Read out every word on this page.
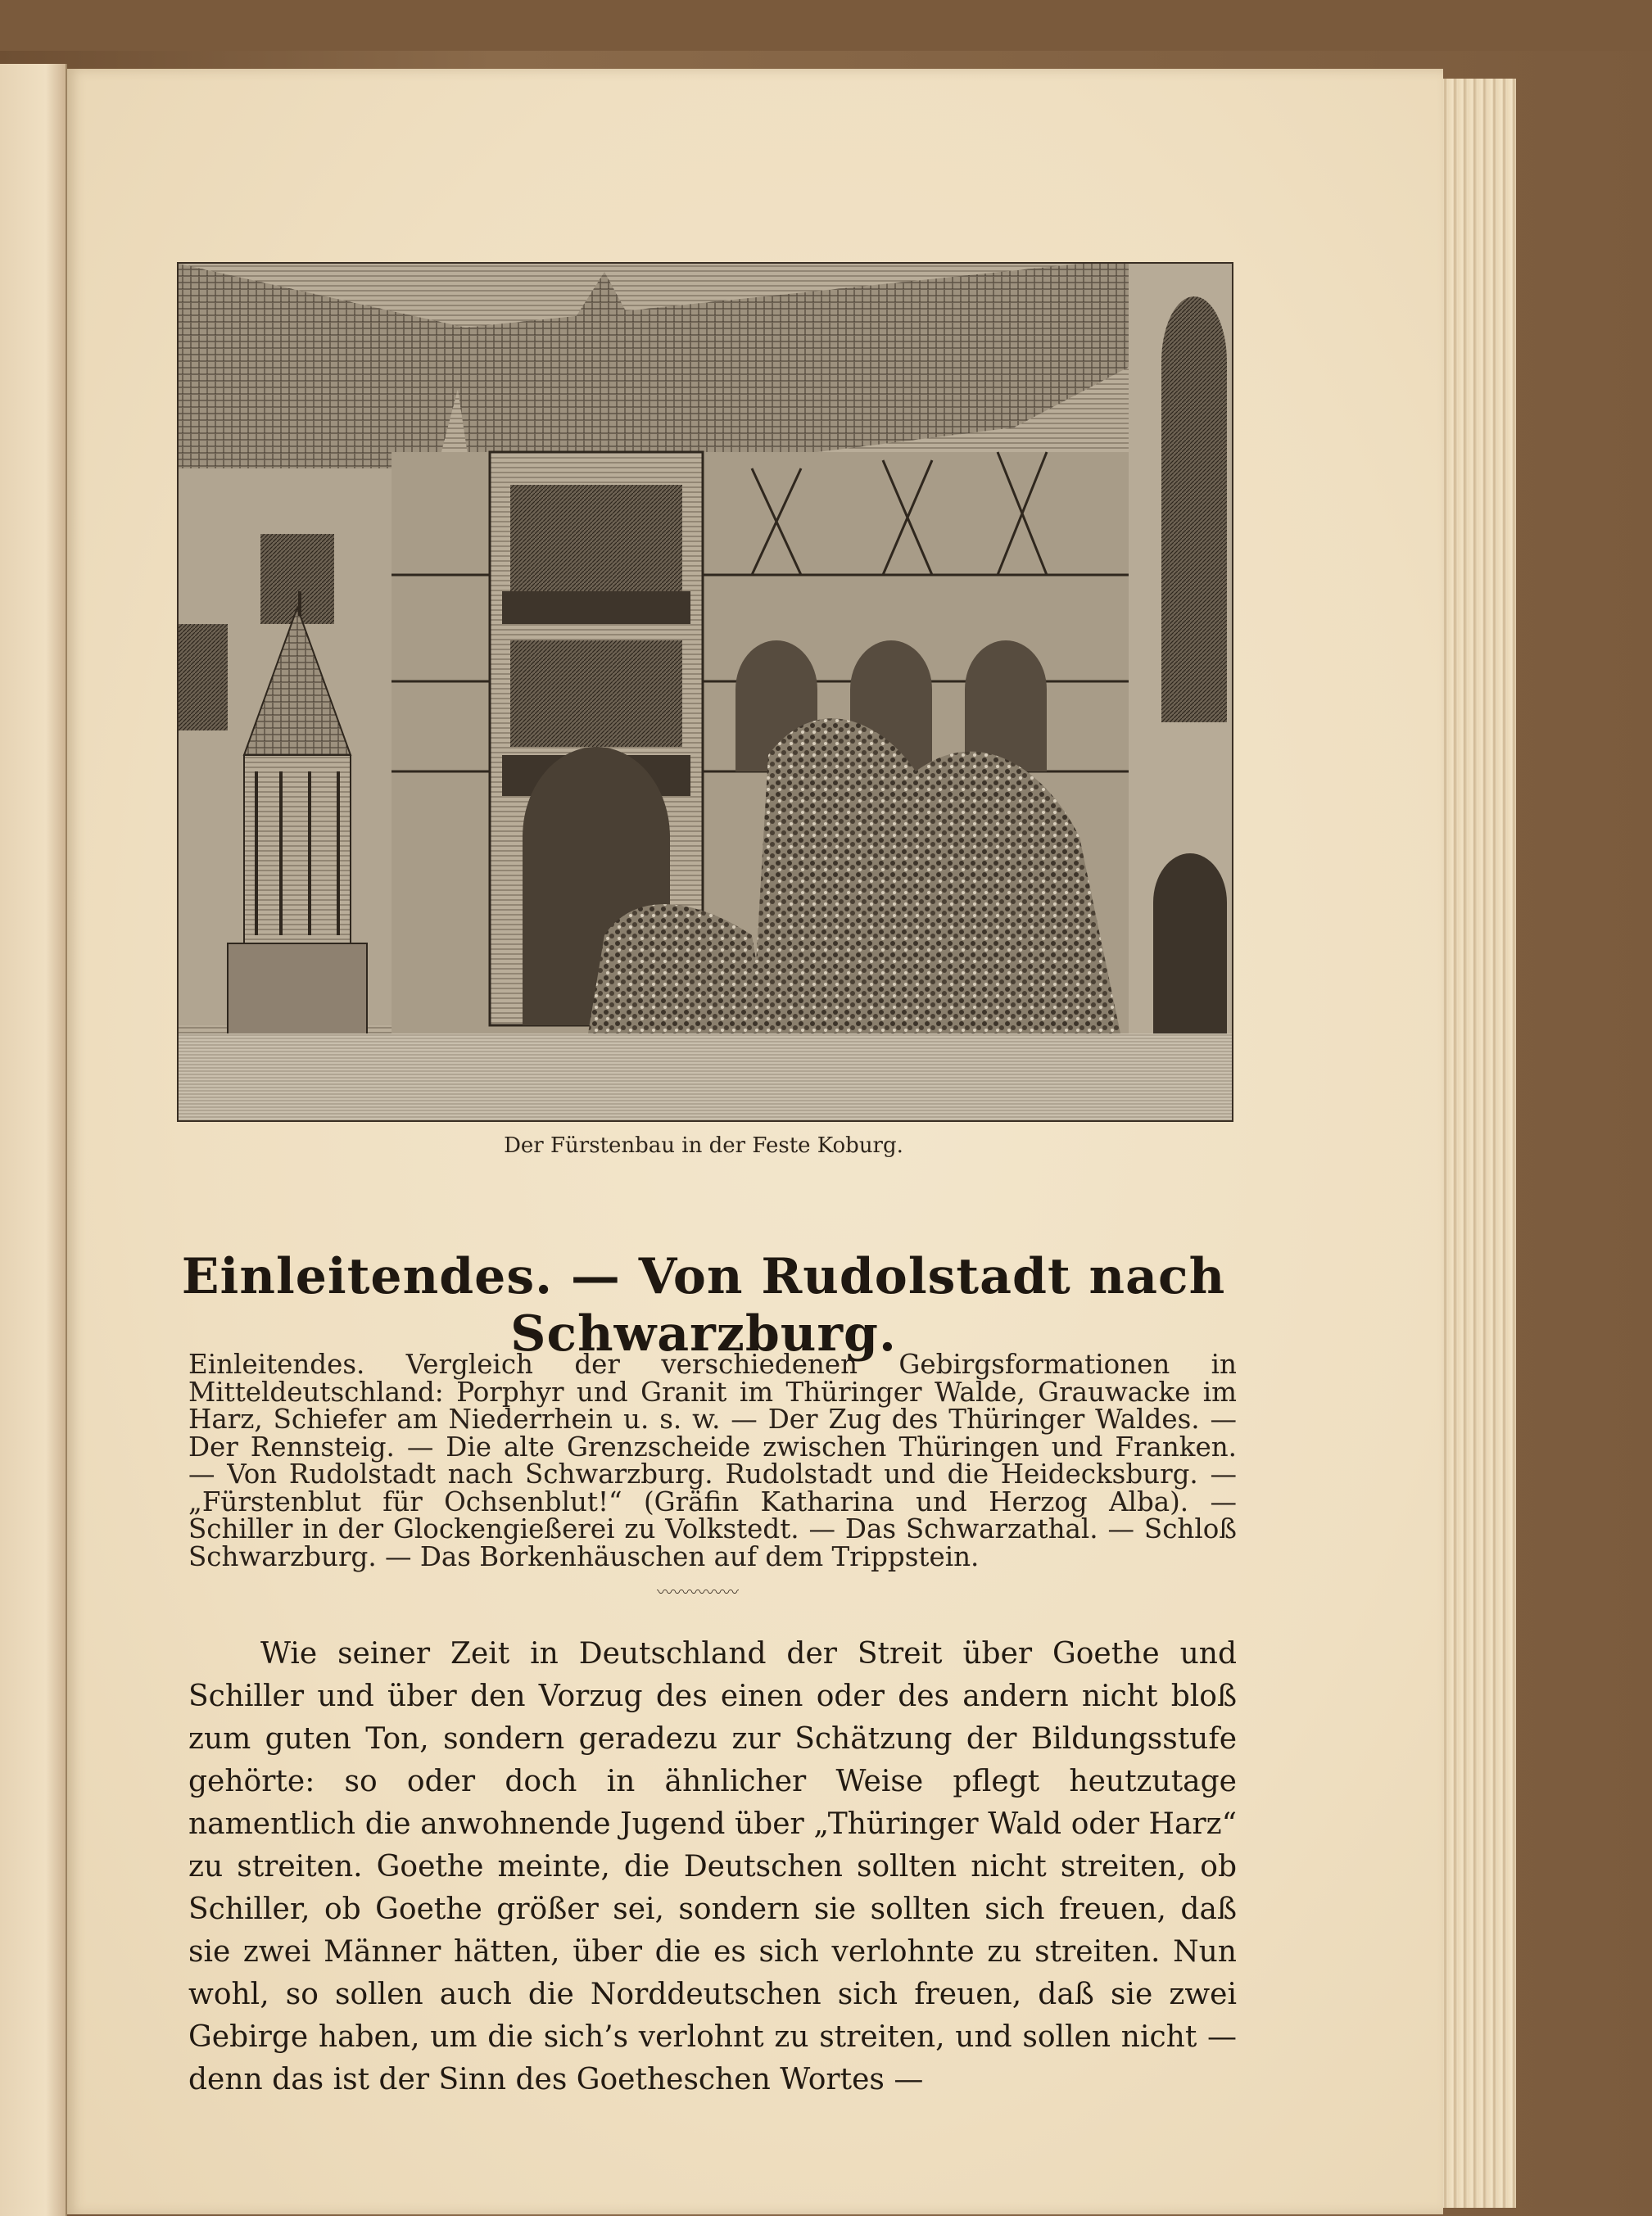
Der Fürstenbau in der Feste Koburg.
Einleitendes. — Von Rudolstadt nach Schwarzburg.
Einleitendes. Vergleich der verschiedenen Gebirgsformationen in Mitteldeutschland: Porphyr und Granit im Thüringer Walde, Grauwacke im Harz, Schiefer am Niederrhein u. s. w. — Der Zug des Thüringer Waldes. — Der Rennsteig. — Die alte Grenzscheide zwischen Thüringen und Franken. — Von Rudolstadt nach Schwarzburg. Rudolstadt und die Heidecksburg. — „Fürstenblut für Ochsenblut!“ (Gräfin Katharina und Herzog Alba). — Schiller in der Glockengießerei zu Volkstedt. — Das Schwarzathal. — Schloß Schwarzburg. — Das Borkenhäuschen auf dem Trippstein.
〰〰〰〰〰
Wie seiner Zeit in Deutschland der Streit über Goethe und Schiller und über den Vorzug des einen oder des andern nicht bloß zum guten Ton, sondern geradezu zur Schätzung der Bildungsstufe gehörte: so oder doch in ähnlicher Weise pflegt heutzutage namentlich die anwohnende Jugend über „Thüringer Wald oder Harz“ zu streiten. Goethe meinte, die Deutschen sollten nicht streiten, ob Schiller, ob Goethe größer sei, sondern sie sollten sich freuen, daß sie zwei Männer hätten, über die es sich verlohnte zu streiten. Nun wohl, so sollen auch die Norddeutschen sich freuen, daß sie zwei Gebirge haben, um die sich’s verlohnt zu streiten, und sollen nicht — denn das ist der Sinn des Goetheschen Wortes —
